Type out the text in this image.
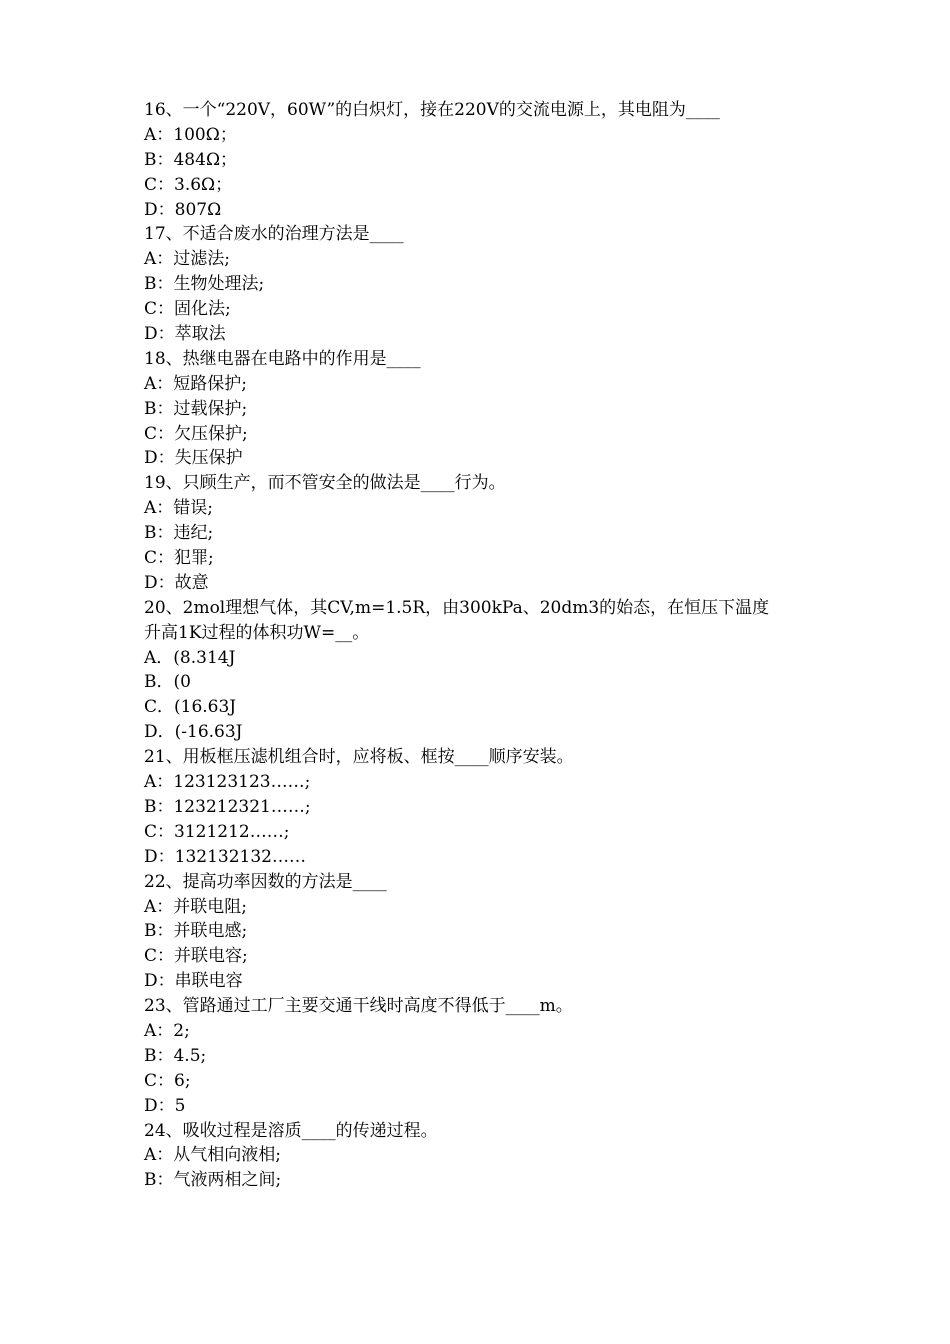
16、一个“220V，60W”的白炽灯，接在220V的交流电源上，其电阻为____
A：100Ω；
B：484Ω；
C：3.6Ω；
D：807Ω
17、不适合废水的治理方法是____
A：过滤法;
B：生物处理法;
C：固化法;
D：萃取法
18、热继电器在电路中的作用是____
A：短路保护;
B：过载保护;
C：欠压保护;
D：失压保护
19、只顾生产，而不管安全的做法是____行为。
A：错误;
B：违纪;
C：犯罪;
D：故意
20、2mol理想气体，其CV,m=1.5R，由300kPa、20dm3的始态，在恒压下温度
升高1K过程的体积功W=__。
A．(8.314J
B．(0
C．(16.63J
D．(-16.63J
21、用板框压滤机组合时，应将板、框按____顺序安装。
A：123123123……;
B：123212321……;
C：3121212……;
D：132132132……
22、提高功率因数的方法是____
A：并联电阻;
B：并联电感;
C：并联电容;
D：串联电容
23、管路通过工厂主要交通干线时高度不得低于____m。
A：2;
B：4.5;
C：6;
D：5
24、吸收过程是溶质____的传递过程。
A：从气相向液相;
B：气液两相之间;
